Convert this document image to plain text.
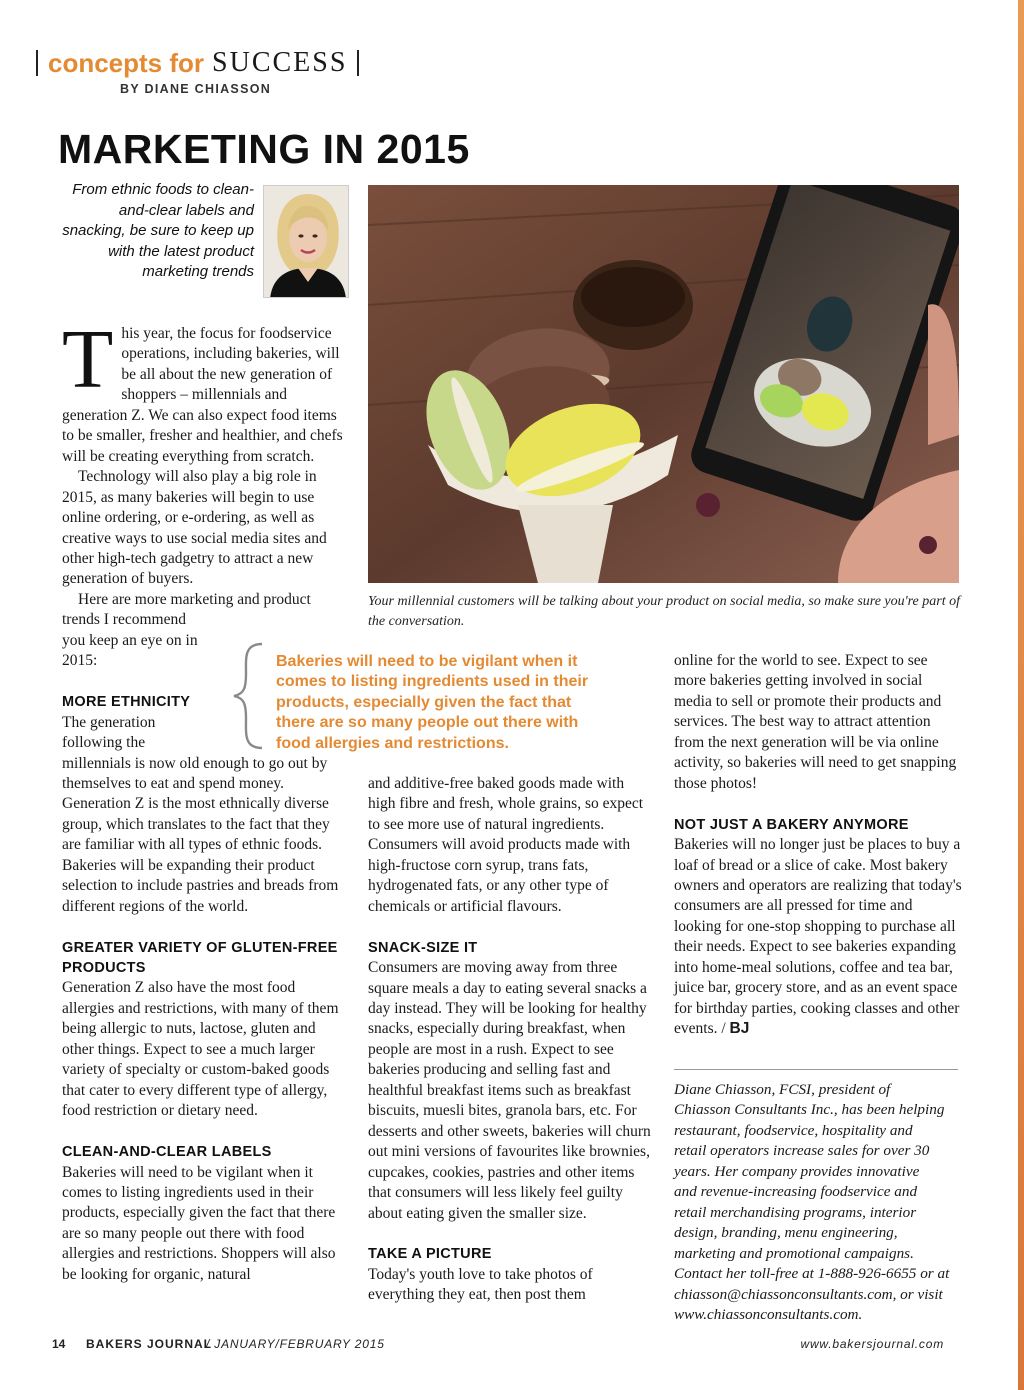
concepts for SUCCESS
BY DIANE CHIASSON
MARKETING IN 2015
From ethnic foods to clean-and-clear labels and snacking, be sure to keep up with the latest product marketing trends
Your millennial customers will be talking about your product on social media, so make sure you're part of the conversation.
Bakeries will need to be vigilant when it
comes to listing ingredients used in their
products, especially given the fact that
there are so many people out there with
food allergies and restrictions.
T his year, the focus for foodservice operations, including bakeries, will be all about the new generation of shoppers – millennials and generation Z. We can also expect food items to be smaller, fresher and healthier, and chefs will be creating everything from scratch.

Technology will also play a big role in 2015, as many bakeries will begin to use online ordering, or e-ordering, as well as creative ways to use social media sites and other high-tech gadgetry to attract a new generation of buyers.

Here are more marketing and product
trends I recommend
you keep an eye on in
2015:

MORE ETHNICITY

The generation
following the
millennials is now old enough to go out by themselves to eat and spend money. Generation Z is the most ethnically diverse group, which translates to the fact that they are familiar with all types of ethnic foods. Bakeries will be expanding their product selection to include pastries and breads from different regions of the world.

GREATER VARIETY OF GLUTEN-FREE PRODUCTS

Generation Z also have the most food allergies and restrictions, with many of them being allergic to nuts, lactose, gluten and other things. Expect to see a much larger variety of specialty or custom-baked goods that cater to every different type of allergy, food restriction or dietary need.

CLEAN-AND-CLEAR LABELS

Bakeries will need to be vigilant when it comes to listing ingredients used in their products, especially given the fact that there are so many people out there with food allergies and restrictions. Shoppers will also be looking for organic, natural

and additive-free baked goods made with high fibre and fresh, whole grains, so expect to see more use of natural ingredients. Consumers will avoid products made with high-fructose corn syrup, trans fats, hydrogenated fats, or any other type of chemicals or artificial flavours.

SNACK-SIZE IT

Consumers are moving away from three square meals a day to eating several snacks a day instead. They will be looking for healthy snacks, especially during breakfast, when people are most in a rush. Expect to see bakeries producing and selling fast and healthful breakfast items such as breakfast biscuits, muesli bites, granola bars, etc. For desserts and other sweets, bakeries will churn out mini versions of favourites like brownies, cupcakes, cookies, pastries and other items that consumers will less likely feel guilty about eating given the smaller size.

TAKE A PICTURE

Today's youth love to take photos of everything they eat, then post them

online for the world to see. Expect to see more bakeries getting involved in social media to sell or promote their products and services. The best way to attract attention from the next generation will be via online activity, so bakeries will need to get snapping those photos!

NOT JUST A BAKERY ANYMORE

Bakeries will no longer just be places to buy a loaf of bread or a slice of cake. Most bakery owners and operators are realizing that today's consumers are all pressed for time and looking for one-stop shopping to purchase all their needs. Expect to see bakeries expanding into home-meal solutions, coffee and tea bar, juice bar, grocery store, and as an event space for birthday parties, cooking classes and other events. / BJ

Diane Chiasson, FCSI, president of
Chiasson Consultants Inc., has been helping
restaurant, foodservice, hospitality and
retail operators increase sales for over 30
years. Her company provides innovative
and revenue-increasing foodservice and
retail merchandising programs, interior
design, branding, menu engineering,
marketing and promotional campaigns.
Contact her toll-free at 1-888-926-6655 or at
chiasson@chiassonconsultants.com, or visit
www.chiassonconsultants.com.
14 BAKERS JOURNAL
/ JANUARY/FEBRUARY 2015	www.bakersjournal.com
